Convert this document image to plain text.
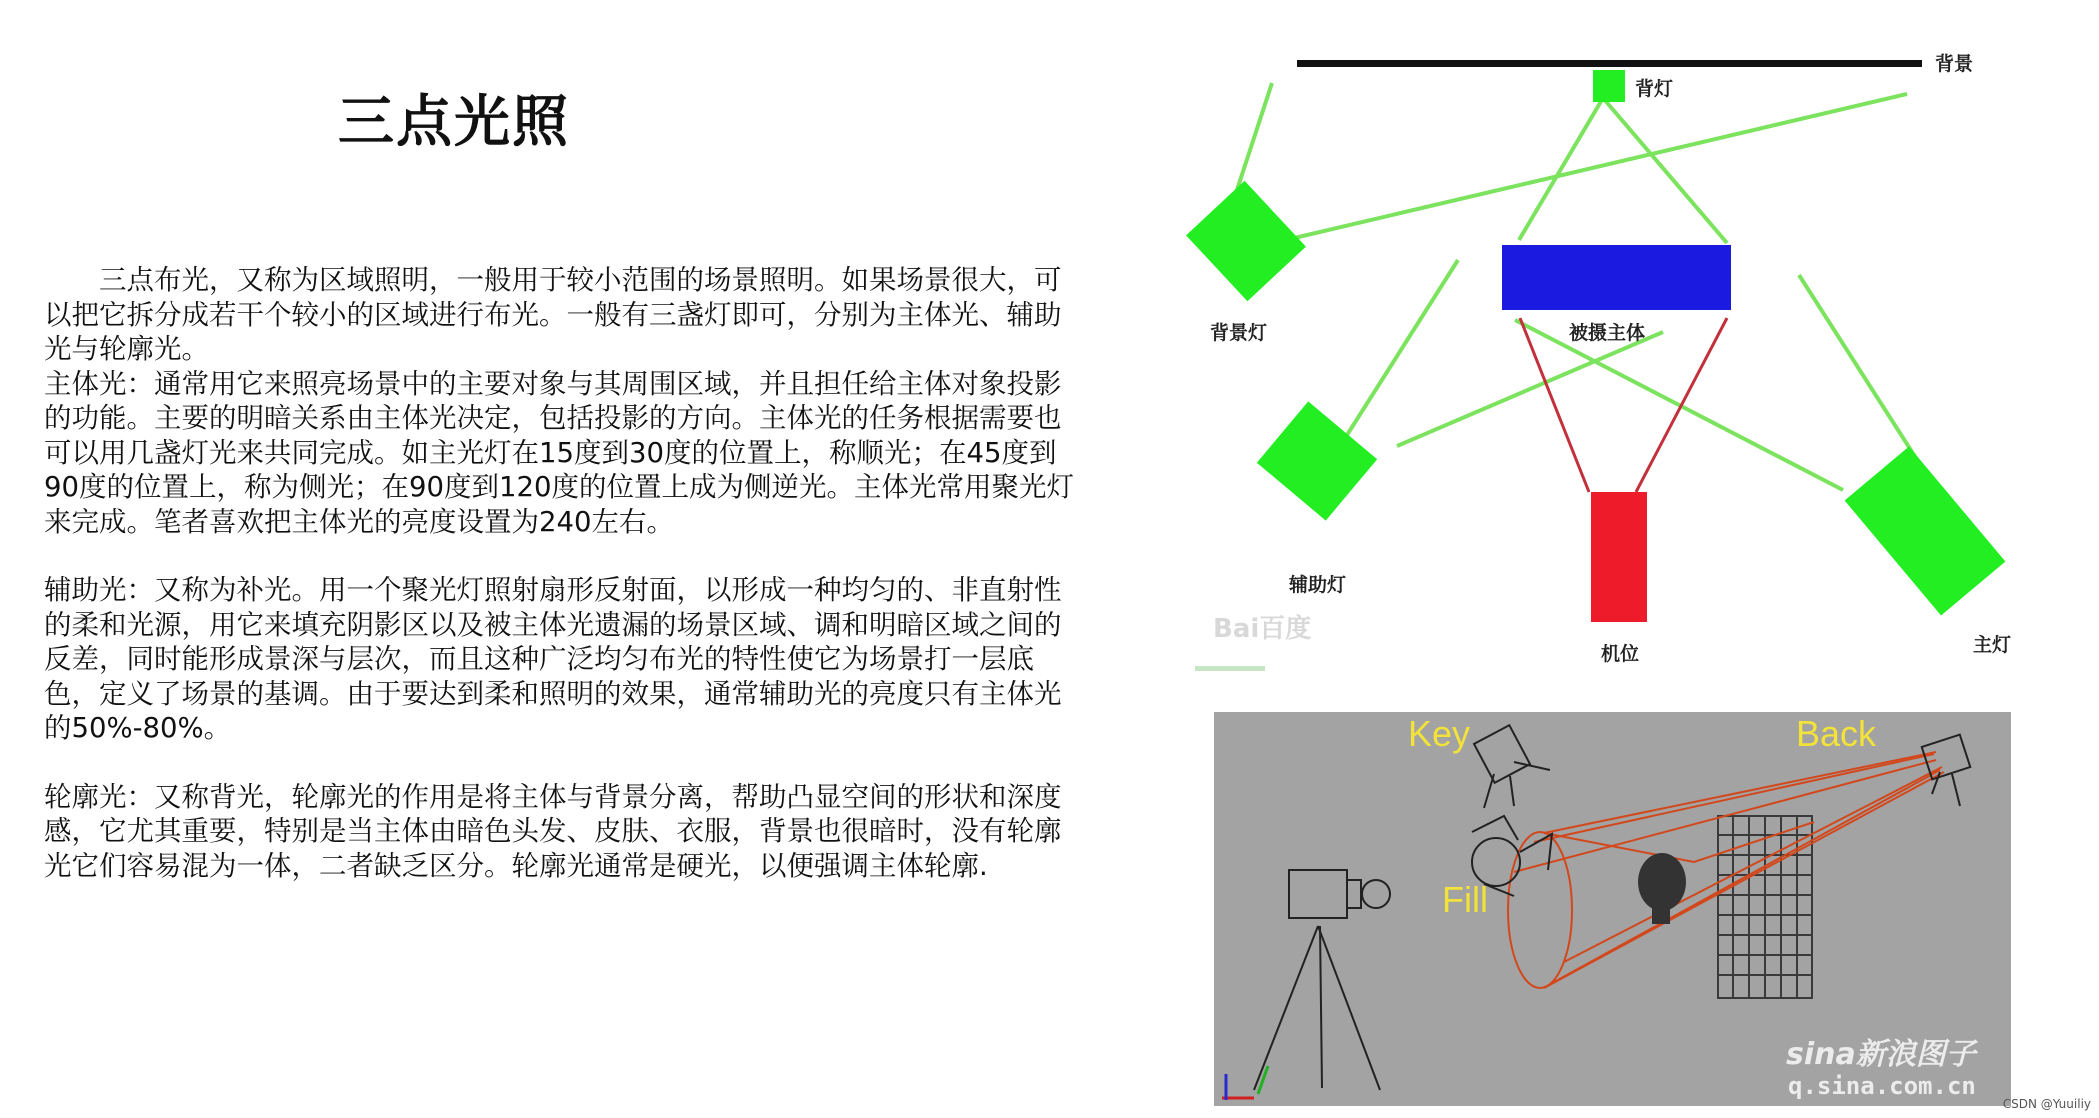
三点光照

　　三点布光，又称为区域照明，一般用于较小范围的场景照明。如果场景很大，可以把它拆分成若干个较小的区域进行布光。一般有三盏灯即可，分别为主体光、辅助光与轮廓光。

主体光：通常用它来照亮场景中的主要对象与其周围区域，并且担任给主体对象投影的功能。主要的明暗关系由主体光决定，包括投影的方向。主体光的任务根据需要也可以用几盏灯光来共同完成。如主光灯在15度到30度的位置上，称顺光；在45度到90度的位置上，称为侧光；在90度到120度的位置上成为侧逆光。主体光常用聚光灯来完成。笔者喜欢把主体光的亮度设置为240左右。

辅助光：又称为补光。用一个聚光灯照射扇形反射面，以形成一种均匀的、非直射性的柔和光源，用它来填充阴影区以及被主体光遗漏的场景区域、调和明暗区域之间的反差，同时能形成景深与层次，而且这种广泛均匀布光的特性使它为场景打一层底色，定义了场景的基调。由于要达到柔和照明的效果，通常辅助光的亮度只有主体光的50%-80%。

轮廓光：又称背光，轮廓光的作用是将主体与背景分离，帮助凸显空间的形状和深度感，它尤其重要，特别是当主体由暗色头发、皮肤、衣服，背景也很暗时，没有轮廓光它们容易混为一体，二者缺乏区分。轮廓光通常是硬光，以便强调主体轮廓.

背景
背灯
背景灯	被摄主体
辅助灯
机位	主灯
Bai百度
Key	Back
Fill
sina新浪图子
q.sina.com.cn
CSDN @Yuuiliy
